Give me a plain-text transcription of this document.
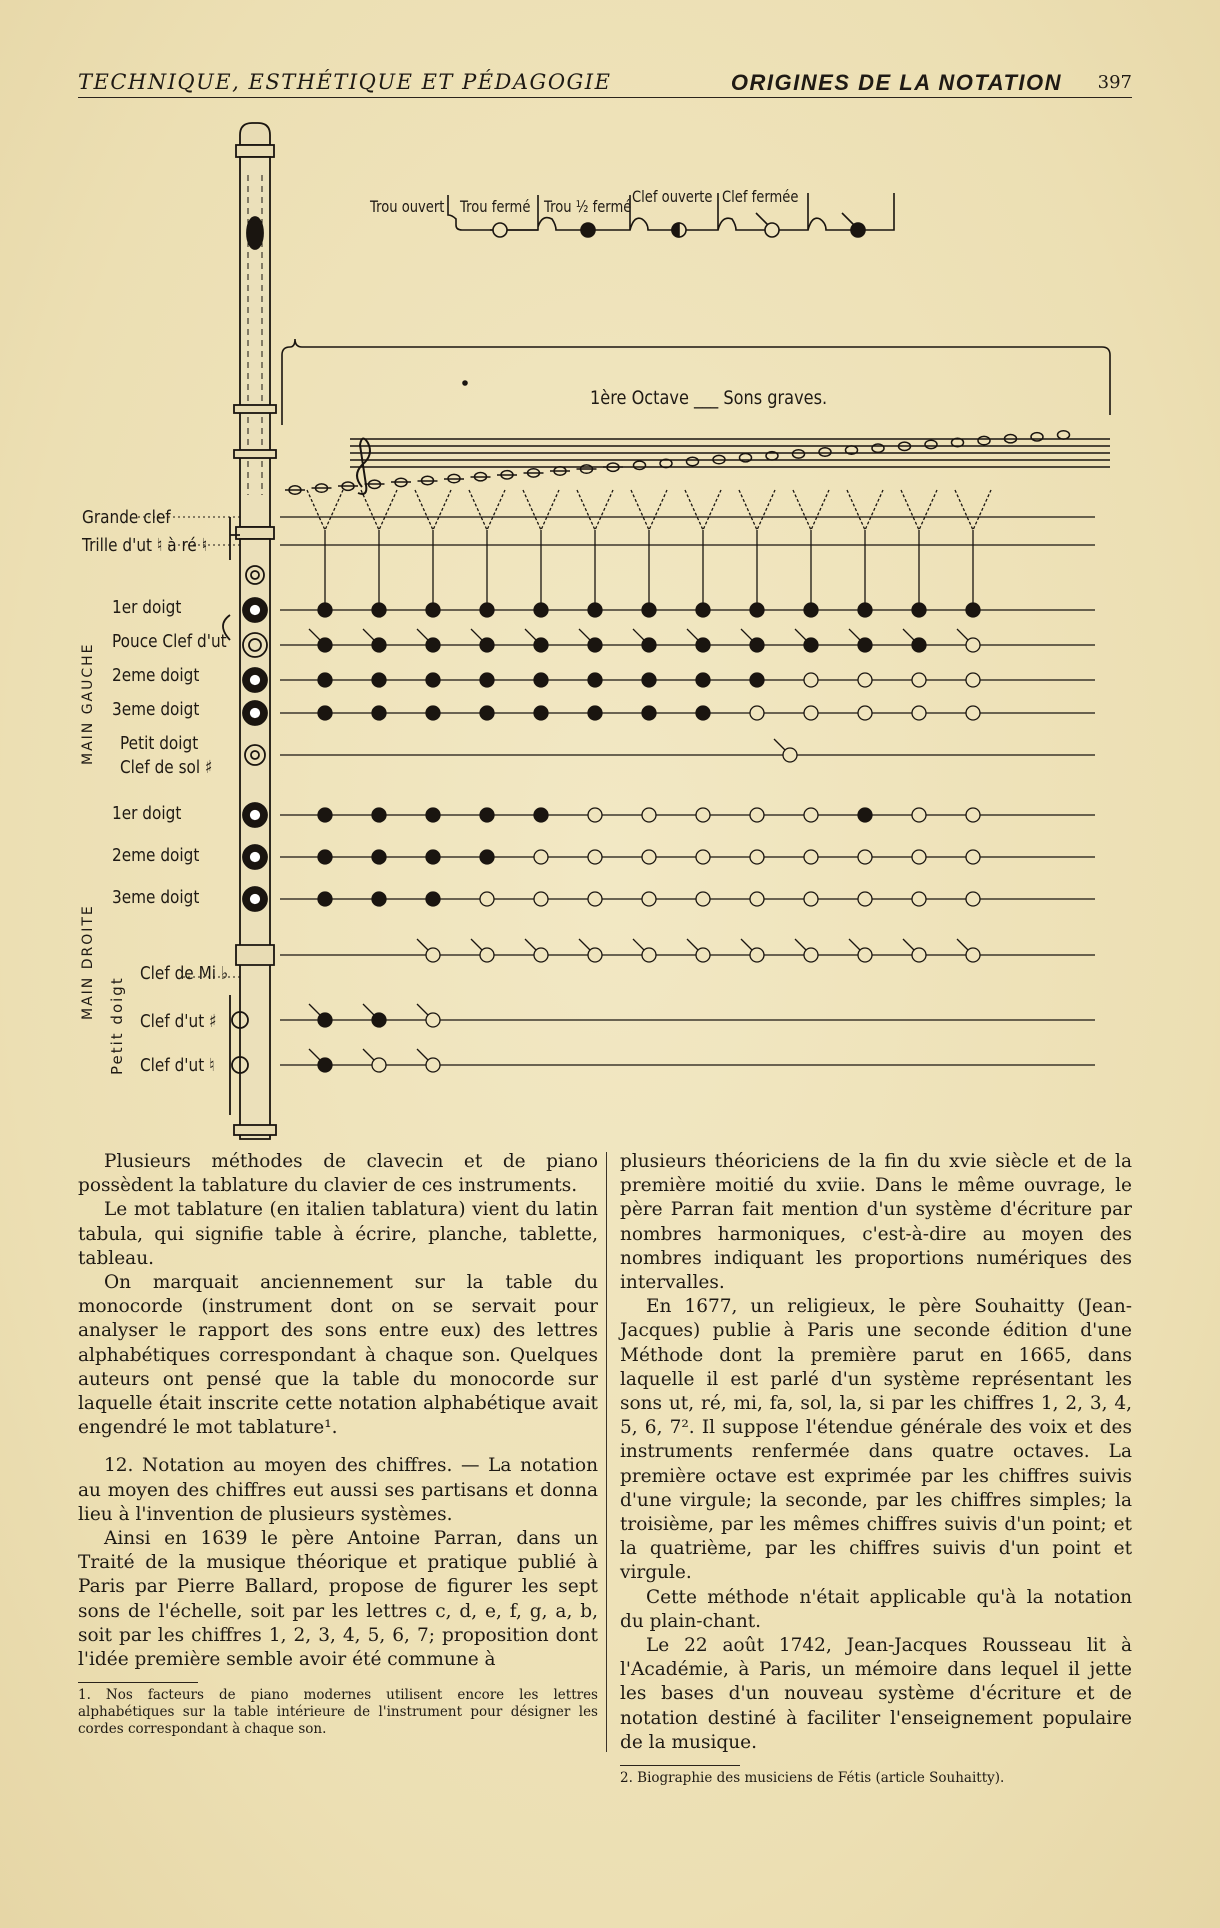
TECHNIQUE, ESTHÉTIQUE ET PÉDAGOGIE	ORIGINES DE LA NOTATION 397
Trou ouvert Trou fermé Trou ½ fermé
Clef ouverte Clef fermée
1ère Octave ___ Sons graves.
Grande clef
Trille d'ut ♮ à ré ♮
1er doigt
Pouce Clef d'ut
2eme doigt
3eme doigt
Petit doigt
Clef de sol ♯
1er doigt
2eme doigt
3eme doigt
Clef de Mi ♭
Clef d'ut ♯
Clef d'ut ♮
MAIN GAUCHE
MAIN DROITE
Petit doigt

Plusieurs méthodes de clavecin et de piano possèdent la tablature du clavier de ces instruments.

Le mot tablature (en italien tablatura) vient du latin tabula, qui signifie table à écrire, planche, tablette, tableau.

On marquait anciennement sur la table du monocorde (instrument dont on se servait pour analyser le rapport des sons entre eux) des lettres alphabétiques correspondant à chaque son. Quelques auteurs ont pensé que la table du monocorde sur laquelle était inscrite cette notation alphabétique avait engendré le mot tablature¹.

12. Notation au moyen des chiffres. — La notation au moyen des chiffres eut aussi ses partisans et donna lieu à l'invention de plusieurs systèmes.

Ainsi en 1639 le père Antoine Parran, dans un Traité de la musique théorique et pratique publié à Paris par Pierre Ballard, propose de figurer les sept sons de l'échelle, soit par les lettres c, d, e, f, g, a, b, soit par les chiffres 1, 2, 3, 4, 5, 6, 7; proposition dont l'idée première semble avoir été commune à

1. Nos facteurs de piano modernes utilisent encore les lettres alphabétiques sur la table intérieure de l'instrument pour désigner les cordes correspondant à chaque son.

plusieurs théoriciens de la fin du xvie siècle et de la première moitié du xviie. Dans le même ouvrage, le père Parran fait mention d'un système d'écriture par nombres harmoniques, c'est-à-dire au moyen des nombres indiquant les proportions numériques des intervalles.

En 1677, un religieux, le père Souhaitty (Jean-Jacques) publie à Paris une seconde édition d'une Méthode dont la première parut en 1665, dans laquelle il est parlé d'un système représentant les sons ut, ré, mi, fa, sol, la, si par les chiffres 1, 2, 3, 4, 5, 6, 7². Il suppose l'étendue générale des voix et des instruments renfermée dans quatre octaves. La première octave est exprimée par les chiffres suivis d'une virgule; la seconde, par les chiffres simples; la troisième, par les mêmes chiffres suivis d'un point; et la quatrième, par les chiffres suivis d'un point et virgule.

Cette méthode n'était applicable qu'à la notation du plain-chant.

Le 22 août 1742, Jean-Jacques Rousseau lit à l'Académie, à Paris, un mémoire dans lequel il jette les bases d'un nouveau système d'écriture et de notation destiné à faciliter l'enseignement populaire de la musique.

2. Biographie des musiciens de Fétis (article Souhaitty).
